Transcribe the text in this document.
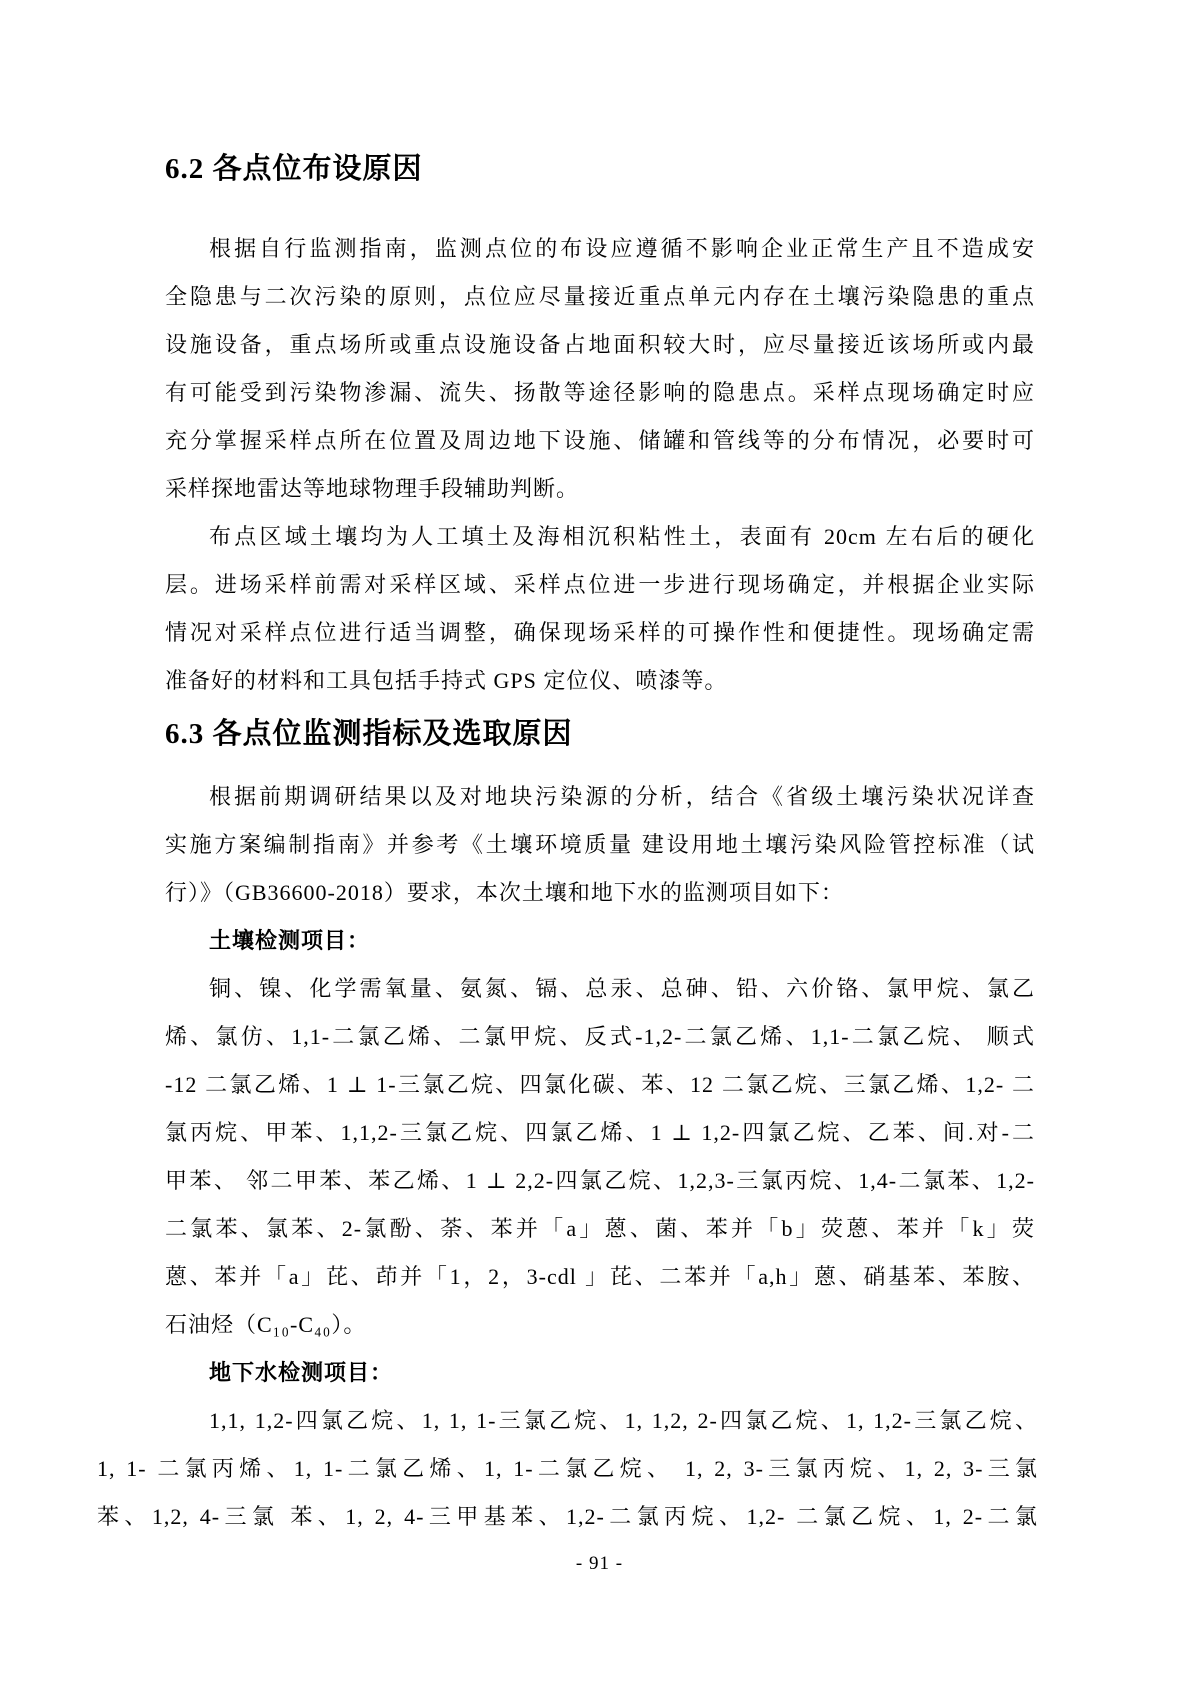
6.2 各点位布设原因
根据自行监测指南，监测点位的布设应遵循不影响企业正常生产且不造成安
全隐患与二次污染的原则，点位应尽量接近重点单元内存在土壤污染隐患的重点
设施设备，重点场所或重点设施设备占地面积较大时，应尽量接近该场所或内最
有可能受到污染物渗漏、流失、扬散等途径影响的隐患点。采样点现场确定时应
充分掌握采样点所在位置及周边地下设施、储罐和管线等的分布情况，必要时可
采样探地雷达等地球物理手段辅助判断。
布点区域土壤均为人工填土及海相沉积粘性土，表面有 20cm 左右后的硬化
层。进场采样前需对采样区域、采样点位进一步进行现场确定，并根据企业实际
情况对采样点位进行适当调整，确保现场采样的可操作性和便捷性。现场确定需
准备好的材料和工具包括手持式 GPS 定位仪、喷漆等。
6.3 各点位监测指标及选取原因
根据前期调研结果以及对地块污染源的分析，结合《省级土壤污染状况详查
实施方案编制指南》并参考《土壤环境质量 建设用地土壤污染风险管控标准（试
行）》（GB36600-2018）要求，本次土壤和地下水的监测项目如下：
土壤检测项目：
铜、镍、化学需氧量、氨氮、镉、总汞、总砷、铅、六价铬、氯甲烷、氯乙
烯、氯仿、1,1-二氯乙烯、二氯甲烷、反式-1,2-二氯乙烯、1,1-二氯乙烷、 顺式
-12 二氯乙烯、1 ⊥ 1-三氯乙烷、四氯化碳、苯、12 二氯乙烷、三氯乙烯、1,2- 二
氯丙烷、甲苯、1,1,2-三氯乙烷、四氯乙烯、1 ⊥ 1,2-四氯乙烷、乙苯、间.对-二
甲苯、 邻二甲苯、苯乙烯、1 ⊥ 2,2-四氯乙烷、1,2,3-三氯丙烷、1,4-二氯苯、1,2-
二氯苯、氯苯、2-氯酚、荼、苯并「a」蒽、菌、苯并「b」荧蒽、苯并「k」荧
蒽、苯并「a」芘、茚并「1，2，3-cdl 」芘、二苯并「a,h」蒽、硝基苯、苯胺、
石油烃（C₁₀-C₄₀）。
地下水检测项目：
1,1, 1,2-四氯乙烷、1, 1, 1-三氯乙烷、1, 1,2, 2-四氯乙烷、1, 1,2-三氯乙烷、
1, 1- 二氯丙烯、1, 1-二氯乙烯、1, 1-二氯乙烷、 1, 2, 3-三氯丙烷、1, 2, 3-三氯
苯、1,2, 4-三氯 苯、1, 2, 4-三甲基苯、1,2-二氯丙烷、1,2- 二氯乙烷、1, 2-二氯
- 91 -
